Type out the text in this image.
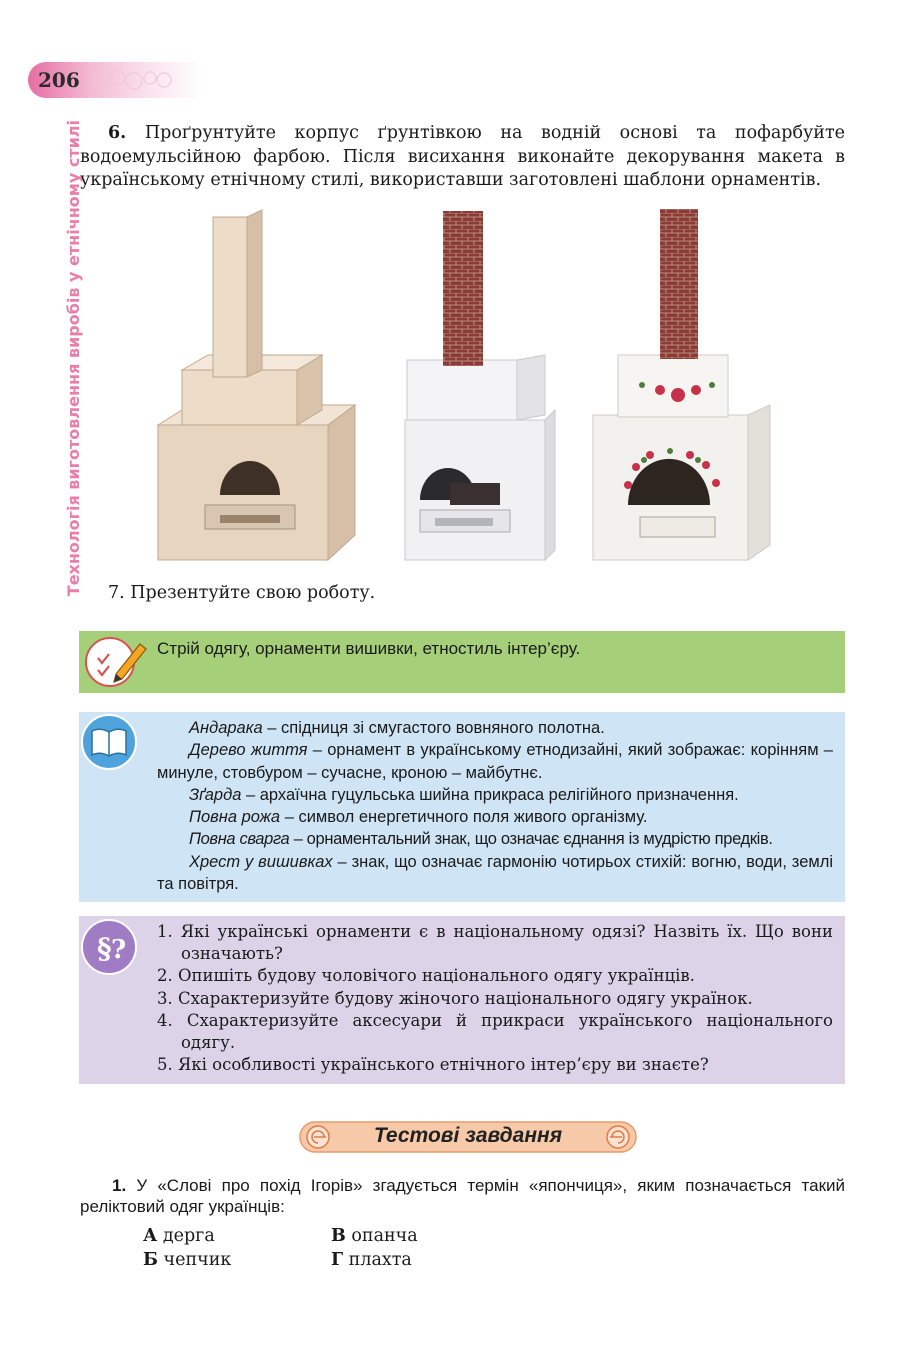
206
Технологія виготовлення виробів у етнічному стилі	6. Проґрунтуйте корпус ґрунтівкою на водній основі та пофарбуйте водоемульсійною фарбою. Після висихання виконайте декорування макета в українському етнічному стилі, використавши заготовлені шаблони орнаментів.

7. Презентуйте свою роботу.

Стрій одягу, орнаменти вишивки, етностиль інтер’єру.

Андарака – спідниця зі смугастого вовняного полотна.

Дерево життя – орнамент в українському етнодизайні, який зображає: корінням – минуле, стовбуром – сучасне, кроною – майбутнє.

Зґарда – архаїчна гуцульська шийна прикраса релігійного призначення.

Повна рожа – символ енергетичного поля живого організму.

Повна сварга – орнаментальний знак, що означає єднання із мудрістю предків.

Хрест у вишивках – знак, що означає гармонію чотирьох стихій: вогню, води, землі та повітря.

§ ?
1. Які українські орнаменти є в національному одязі? Назвіть їх. Що вони означають?
2. Опишіть будову чоловічого національного одягу українців.
3. Схарактеризуйте будову жіночого національного одягу українок.
4. Схарактеризуйте аксесуари й прикраси українського національного одягу.
5. Які особливості українського етнічного інтер’єру ви знаєте?
Тестові завдання

1. У «Слові про похід Ігорів» згадується термін «япончиця», яким позначається такий реліктовий одяг українців:

А дерга	В опанча
Б чепчик	Г плахта
